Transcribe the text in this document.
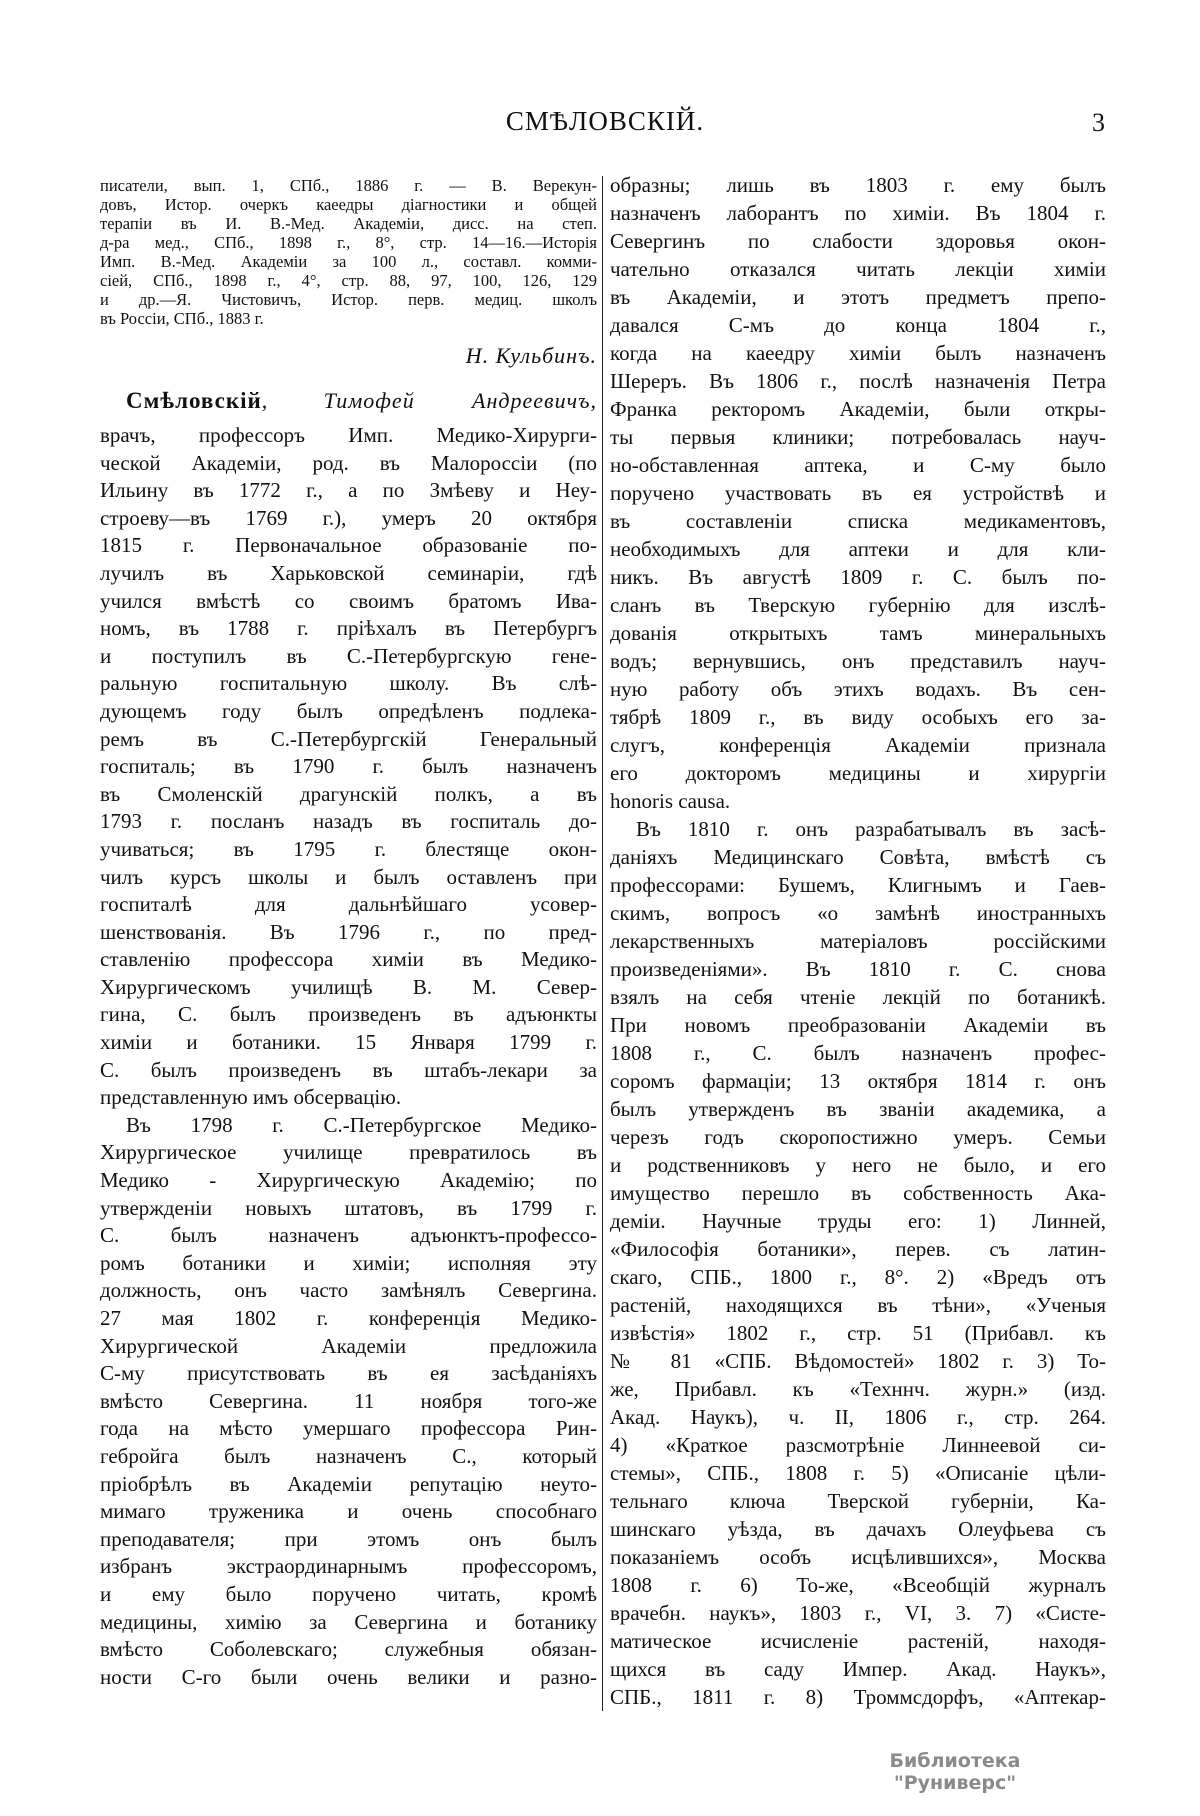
СМѢЛОВСКІЙ.	3
писатели, вып. 1, СПб., 1886 г. — В. Верекун-
довъ, Истор. очеркъ каеедры діагностики и общей
терапіи въ И. В.-Мед. Академіи, дисс. на степ.
д-ра мед., СПб., 1898 г., 8°, стр. 14—16.—Исторія
Имп. В.-Мед. Академіи за 100 л., составл. комми-
сіей, СПб., 1898 г., 4°, стр. 88, 97, 100, 126, 129
и др.—Я. Чистовичъ, Истор. перв. медиц. школъ
въ Россіи, СПб., 1883 г.
Н. Кульбинъ.
Смѣловскій, Тимофей Андреевичъ,
врачъ, профессоръ Имп. Медико-Хирурги-
ческой Академіи, род. въ Малороссіи (по
Ильину въ 1772 г., а по Змѣеву и Неу-
строеву—въ 1769 г.), умеръ 20 октября
1815 г. Первоначальное образованіе по-
лучилъ въ Харьковской семинаріи, гдѣ
учился вмѣстѣ со своимъ братомъ Ива-
номъ, въ 1788 г. пріѣхалъ въ Петербургъ
и поступилъ въ С.-Петербургскую гене-
ральную госпитальную школу. Въ слѣ-
дующемъ году былъ опредѣленъ подлека-
ремъ въ С.-Петербургскій Генеральный
госпиталь; въ 1790 г. былъ назначенъ
въ Смоленскій драгунскій полкъ, а въ
1793 г. посланъ назадъ въ госпиталь до-
учиваться; въ 1795 г. блестяще окон-
чилъ курсъ школы и былъ оставленъ при
госпиталѣ для дальнѣйшаго усовер-
шенствованія. Въ 1796 г., по пред-
ставленію профессора химіи въ Медико-
Хирургическомъ училищѣ В. М. Север-
гина, С. былъ произведенъ въ адъюнкты
химіи и ботаники. 15 Января 1799 г.
С. былъ произведенъ въ штабъ-лекари за
представленную имъ обсервацію.
Въ 1798 г. С.-Петербургское Медико-
Хирургическое училище превратилось въ
Медико - Хирургическую Академію; по
утвержденіи новыхъ штатовъ, въ 1799 г.
С. былъ назначенъ адъюнктъ-профессо-
ромъ ботаники и химіи; исполняя эту
должность, онъ часто замѣнялъ Севергина.
27 мая 1802 г. конференція Медико-
Хирургической Академіи предложила
С-му присутствовать въ ея засѣданіяхъ
вмѣсто Севергина. 11 ноября того-же
года на мѣсто умершаго профессора Рин-
гебройга былъ назначенъ С., который
пріобрѣлъ въ Академіи репутацію неуто-
мимаго труженика и очень способнаго
преподавателя; при этомъ онъ былъ
избранъ экстраординарнымъ профессоромъ,
и ему было поручено читать, кромѣ
медицины, химію за Севергина и ботанику
вмѣсто Соболевскаго; служебныя обязан-
ности С-го были очень велики и разно-
образны; лишь въ 1803 г. ему былъ
назначенъ лаборантъ по химіи. Въ 1804 г.
Севергинъ по слабости здоровья окон-
чательно отказался читать лекціи химіи
въ Академіи, и этотъ предметъ препо-
давался С-мъ до конца 1804 г.,
когда на каеедру химіи былъ назначенъ
Шереръ. Въ 1806 г., послѣ назначенія Петра
Франка ректоромъ Академіи, были откры-
ты первыя клиники; потребовалась науч-
но-обставленная аптека, и С-му было
поручено участвовать въ ея устройствѣ и
въ составленіи списка медикаментовъ,
необходимыхъ для аптеки и для кли-
никъ. Въ августѣ 1809 г. С. былъ по-
сланъ въ Тверскую губернію для изслѣ-
дованія открытыхъ тамъ минеральныхъ
водъ; вернувшись, онъ представилъ науч-
ную работу объ этихъ водахъ. Въ сен-
тябрѣ 1809 г., въ виду особыхъ его за-
слугъ, конференція Академіи признала
его докторомъ медицины и хирургіи
honoris causa.
Въ 1810 г. онъ разрабатывалъ въ засѣ-
даніяхъ Медицинскаго Совѣта, вмѣстѣ съ
профессорами: Бушемъ, Клигнымъ и Гаев-
скимъ, вопросъ «о замѣнѣ иностранныхъ
лекарственныхъ матеріаловъ россійскими
произведеніями». Въ 1810 г. С. снова
взялъ на себя чтеніе лекцій по ботаникѣ.
При новомъ преобразованіи Академіи въ
1808 г., С. былъ назначенъ профес-
соромъ фармаціи; 13 октября 1814 г. онъ
былъ утвержденъ въ званіи академика, а
черезъ годъ скоропостижно умеръ. Семьи
и родственниковъ у него не было, и его
имущество перешло въ собственность Ака-
деміи. Научные труды его: 1) Линней,
«Философія ботаники», перев. съ латин-
скаго, СПБ., 1800 г., 8°. 2) «Вредъ отъ
растеній, находящихся въ тѣни», «Ученыя
извѣстія» 1802 г., стр. 51 (Прибавл. къ
№ 81 «СПБ. Вѣдомостей» 1802 г. 3) То-
же, Прибавл. къ «Техннч. журн.» (изд.
Акад. Наукъ), ч. II, 1806 г., стр. 264.
4) «Краткое разсмотрѣніе Линнеевой си-
стемы», СПБ., 1808 г. 5) «Описаніе цѣли-
тельнаго ключа Тверской губерніи, Ка-
шинскаго уѣзда, въ дачахъ Олеуфьева съ
показаніемъ особъ исцѣлившихся», Москва
1808 г. 6) То-же, «Всеобщій журналъ
врачебн. наукъ», 1803 г., VI, 3. 7) «Систе-
матическое исчисленіе растеній, находя-
щихся въ саду Импер. Акад. Наукъ»,
СПБ., 1811 г. 8) Троммсдорфъ, «Аптекар-
Библиотека "Руниверс"
